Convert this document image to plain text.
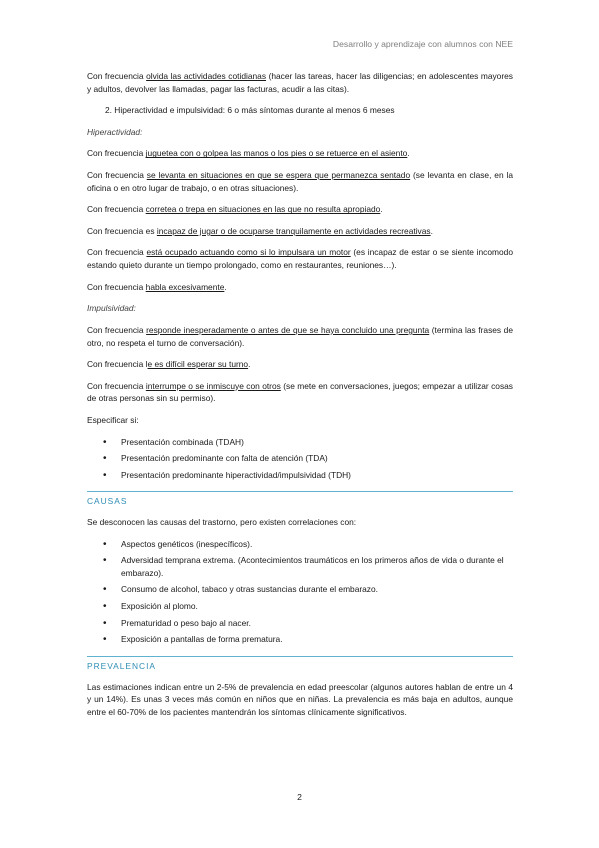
Desarrollo y aprendizaje con alumnos con NEE

Con frecuencia olvida las actividades cotidianas (hacer las tareas, hacer las diligencias; en adolescentes mayores y adultos, devolver las llamadas, pagar las facturas, acudir a las citas).

2. Hiperactividad e impulsividad: 6 o más síntomas durante al menos 6 meses

Hiperactividad:

Con frecuencia juguetea con o golpea las manos o los pies o se retuerce en el asiento.

Con frecuencia se levanta en situaciones en que se espera que permanezca sentado (se levanta en clase, en la oficina o en otro lugar de trabajo, o en otras situaciones).

Con frecuencia corretea o trepa en situaciones en las que no resulta apropiado.

Con frecuencia es incapaz de jugar o de ocuparse tranquilamente en actividades recreativas.

Con frecuencia está ocupado actuando como si lo impulsara un motor (es incapaz de estar o se siente incomodo estando quieto durante un tiempo prolongado, como en restaurantes, reuniones…).

Con frecuencia habla excesivamente.

Impulsividad:

Con frecuencia responde inesperadamente o antes de que se haya concluido una pregunta (termina las frases de otro, no respeta el turno de conversación).

Con frecuencia le es difícil esperar su turno.

Con frecuencia interrumpe o se inmiscuye con otros (se mete en conversaciones, juegos; empezar a utilizar cosas de otras personas sin su permiso).

Especificar si:

• Presentación combinada (TDAH)
• Presentación predominante con falta de atención (TDA)
• Presentación predominante hiperactividad/impulsividad (TDH)
CAUSAS

Se desconocen las causas del trastorno, pero existen correlaciones con:

• Aspectos genéticos (inespecíficos).
• Adversidad temprana extrema. (Acontecimientos traumáticos en los primeros años de vida o durante el embarazo).
• Consumo de alcohol, tabaco y otras sustancias durante el embarazo.
• Exposición al plomo.
• Prematuridad o peso bajo al nacer.
• Exposición a pantallas de forma prematura.
PREVALENCIA

Las estimaciones indican entre un 2-5% de prevalencia en edad preescolar (algunos autores hablan de entre un 4 y un 14%). Es unas 3 veces más común en niños que en niñas. La prevalencia es más baja en adultos, aunque entre el 60-70% de los pacientes mantendrán los síntomas clínicamente significativos.

2
